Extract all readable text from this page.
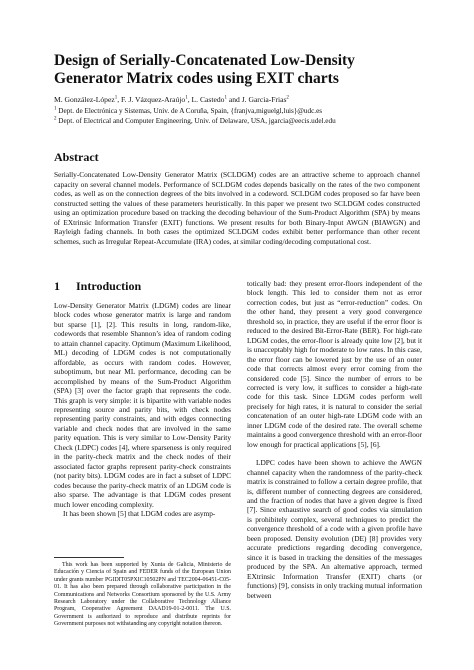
Design of Serially-Concatenated Low-Density Generator Matrix codes using EXIT charts
M. González-López$^1$, F. J. Vázquez-Araújo$^1$, L. Castedo$^1$ and J. Garcia-Frias$^2$
$^1$ Dept. de Electrónica y Sistemas, Univ. de A Coruña, Spain, {franjva,miguelgl,luis}@udc.es
$^2$ Dept. of Electrical and Computer Engineering, Univ. of Delaware, USA, jgarcia@eecis.udel.edu
Abstract

Serially-Concatenated Low-Density Generator Matrix (SCLDGM) codes are an attractive scheme to approach channel capacity on several channel models. Performance of SCLDGM codes depends basically on the rates of the two component codes, as well as on the connection degrees of the bits involved in a codeword. SCLDGM codes proposed so far have been constructed setting the values of these parameters heuristically. In this paper we present two SCLDGM codes constructed using an optimization procedure based on tracking the decoding behaviour of the Sum-Product Algorithm (SPA) by means of EXtrinsic Information Transfer (EXIT) functions. We present results for both Binary-Input AWGN (BIAWGN) and Rayleigh fading channels. In both cases the optimized SCLDGM codes exhibit better performance than other recent schemes, such as Irregular Repeat-Accumulate (IRA) codes, at similar coding/decoding computational cost.

1 Introduction

Low-Density Generator Matrix (LDGM) codes are linear block codes whose generator matrix is large and random but sparse [1], [2]. This results in long, random-like, codewords that resemble Shannon’s idea of random coding to attain channel capacity. Optimum (Maximum Likelihood, ML) decoding of LDGM codes is not computationally affordable, as occurs with random codes. However, suboptimum, but near ML performance, decoding can be accomplished by means of the Sum-Product Algorithm (SPA) [3] over the factor graph that represents the code. This graph is very simple: it is bipartite with variable nodes representing source and parity bits, with check nodes representing parity constraints, and with edges connecting variable and check nodes that are involved in the same parity equation. This is very similar to Low-Density Parity Check (LDPC) codes [4], where sparseness is only required in the parity-check matrix and the check nodes of their associated factor graphs represent parity-check constraints (not parity bits). LDGM codes are in fact a subset of LDPC codes because the parity-check matrix of an LDGM code is also sparse. The advantage is that LDGM codes present much lower encoding complexity.

It has been shown [5] that LDGM codes are asymp-

totically bad: they present error-floors independent of the block length. This led to consider them not as error correction codes, but just as “error-reduction” codes. On the other hand, they present a very good convergence threshold so, in practice, they are useful if the error floor is reduced to the desired Bit-Error-Rate (BER). For high-rate LDGM codes, the error-floor is already quite low [2], but it is unacceptably high for moderate to low rates. In this case, the error floor can be lowered just by the use of an outer code that corrects almost every error coming from the considered code [5]. Since the number of errors to be corrected is very low, it suffices to consider a high-rate code for this task. Since LDGM codes perform well precisely for high rates, it is natural to consider the serial concatenation of an outer high-rate LDGM code with an inner LDGM code of the desired rate. The overall scheme maintains a good convergence threshold with an error-floor low enough for practical applications [5], [6].

LDPC codes have been shown to achieve the AWGN channel capacity when the randomness of the parity-check matrix is constrained to follow a certain degree profile, that is, different number of connecting degrees are considered, and the fraction of nodes that have a given degree is fixed [7]. Since exhaustive search of good codes via simulation is prohibitely complex, several techniques to predict the convergence threshold of a code with a given profile have been proposed. Density evolution (DE) [8] provides very accurate predictions regarding decoding convergence, since it is based in tracking the densities of the messages produced by the SPA. An alternative approach, termed EXtrinsic Information Transfer (EXIT) charts (or functions) [9], consists in only tracking mutual information between

This work has been supported by Xunta de Galicia, Ministerio de Educación y Ciencia of Spain and FEDER funds of the European Union under grants number PGIDIT05PXIC10502PN and TEC2004-06451-C05-01. It has also been prepared through collaborative participation in the Communications and Networks Consortium sponsored by the U.S. Army Research Laboratory under the Collaborative Technology Alliance Program, Cooperative Agreement DAAD19-01-2-0011. The U.S. Government is authorized to reproduce and distribute reprints for Government purposes not withstanding any copyright notation thereon.
